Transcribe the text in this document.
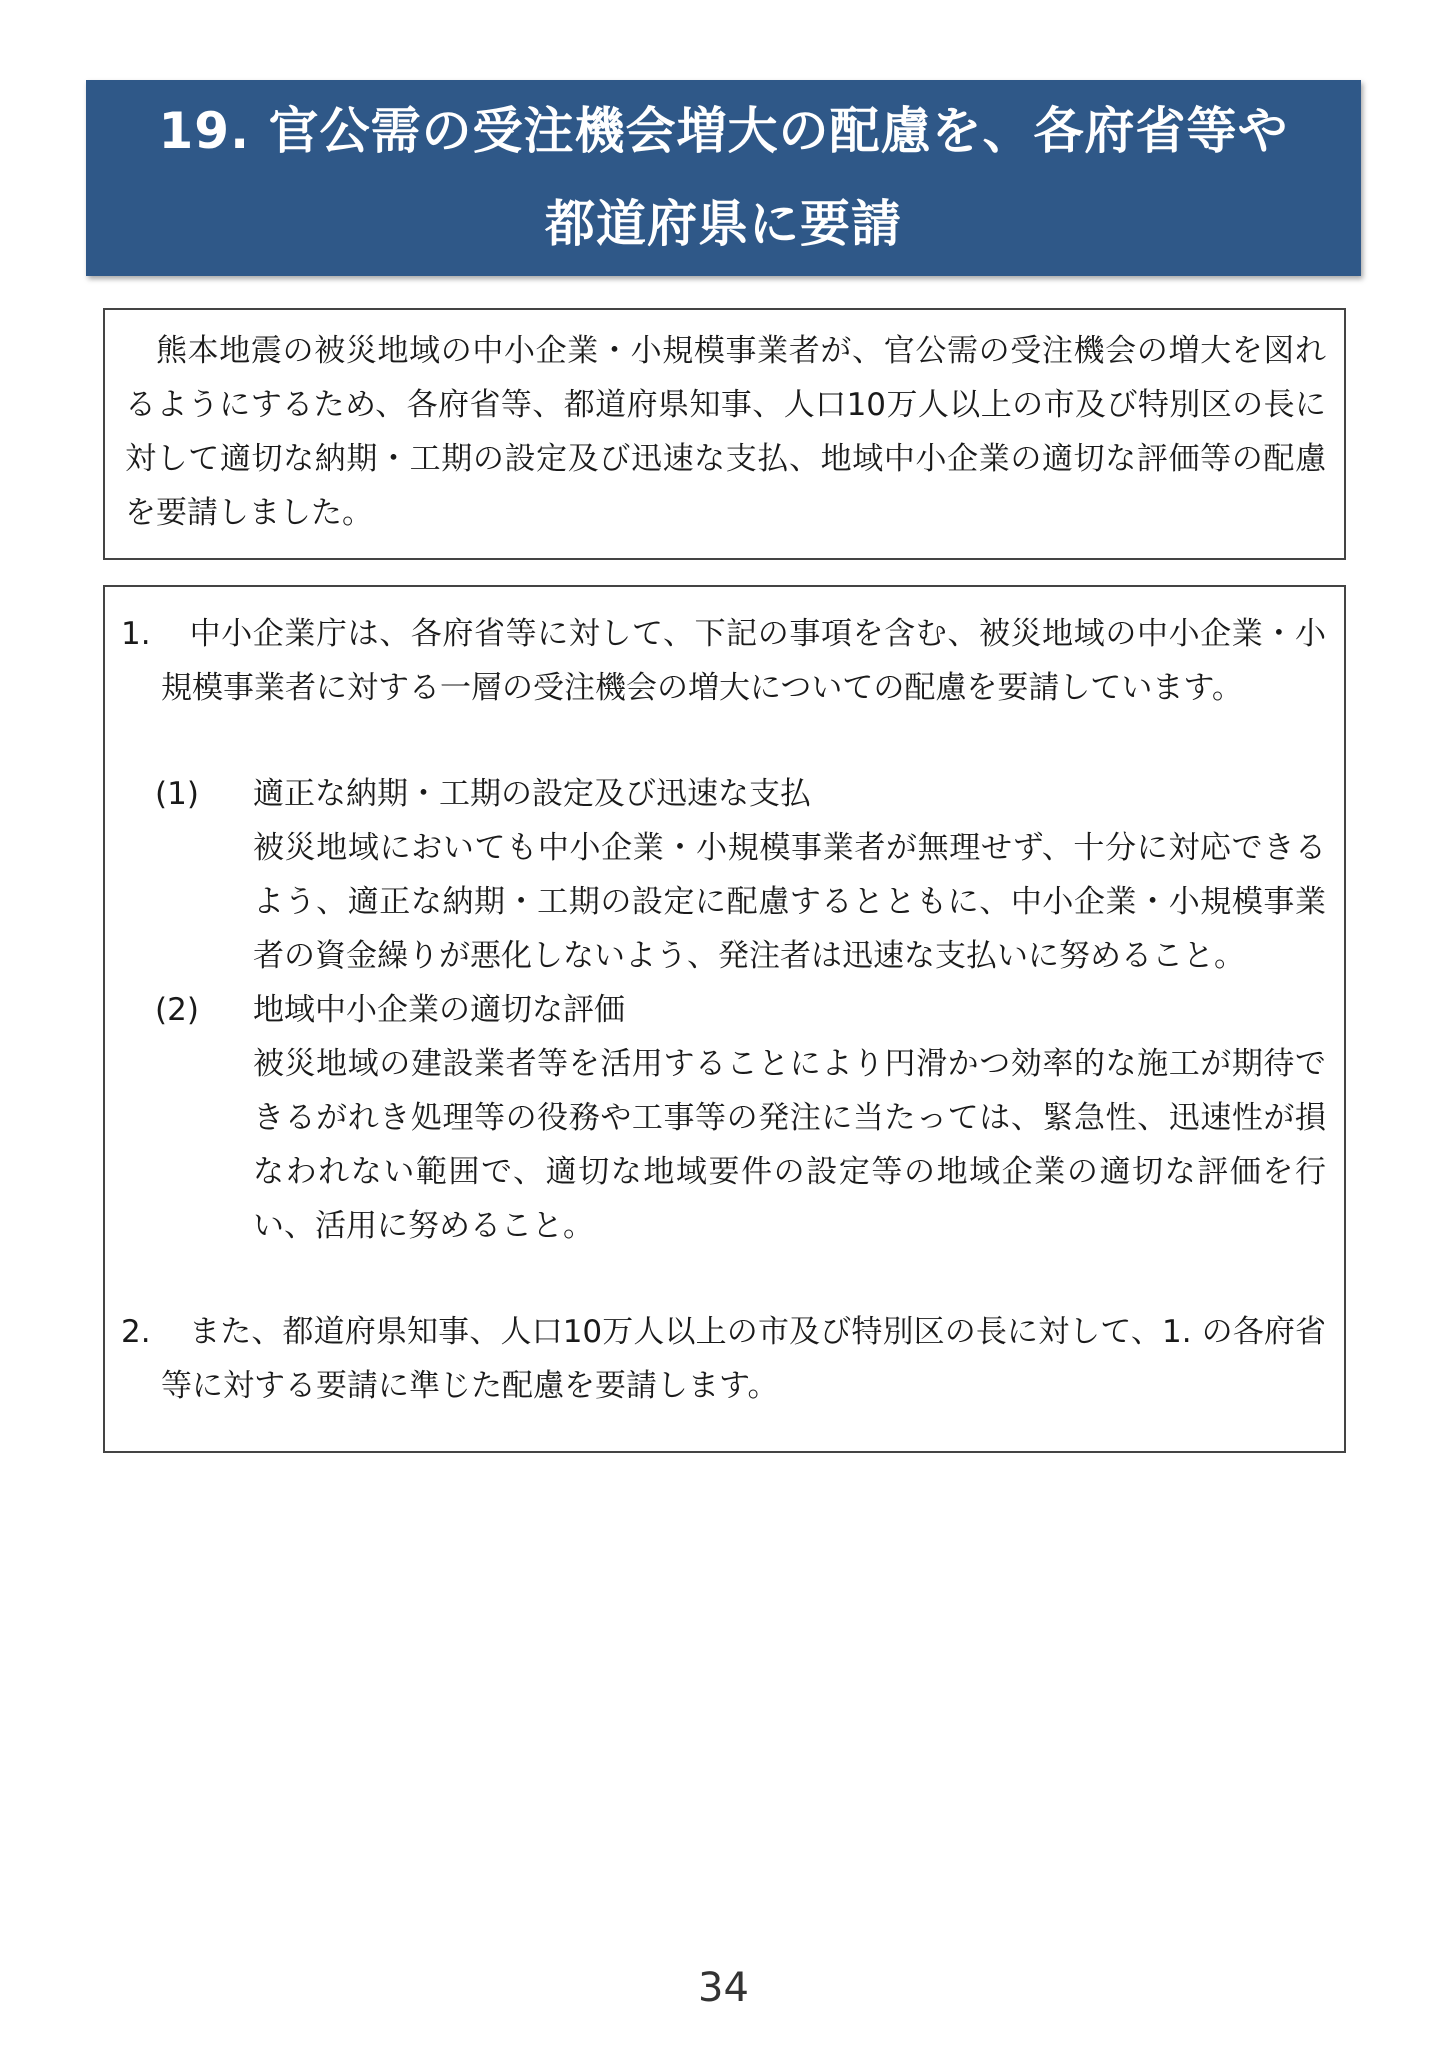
19. 官公需の受注機会増大の配慮を、各府省等や
都道府県に要請

熊本地震の被災地域の中小企業・小規模事業者が、官公需の受注機会の増大を図れるようにするため、各府省等、都道府県知事、人口10万人以上の市及び特別区の長に対して適切な納期・工期の設定及び迅速な支払、地域中小企業の適切な評価等の配慮を要請しました。

1. 中小企業庁は、各府省等に対して、下記の事項を含む、被災地域の中小企業・小規模事業者に対する一層の受注機会の増大についての配慮を要請しています。

(1)	適正な納期・工期の設定及び迅速な支払

被災地域においても中小企業・小規模事業者が無理せず、十分に対応できるよう、適正な納期・工期の設定に配慮するとともに、中小企業・小規模事業者の資金繰りが悪化しないよう、発注者は迅速な支払いに努めること。

(2)	地域中小企業の適切な評価

被災地域の建設業者等を活用することにより円滑かつ効率的な施工が期待できるがれき処理等の役務や工事等の発注に当たっては、緊急性、迅速性が損なわれない範囲で、適切な地域要件の設定等の地域企業の適切な評価を行い、活用に努めること。

2. また、都道府県知事、人口10万人以上の市及び特別区の長に対して、1. の各府省等に対する要請に準じた配慮を要請します。

34
